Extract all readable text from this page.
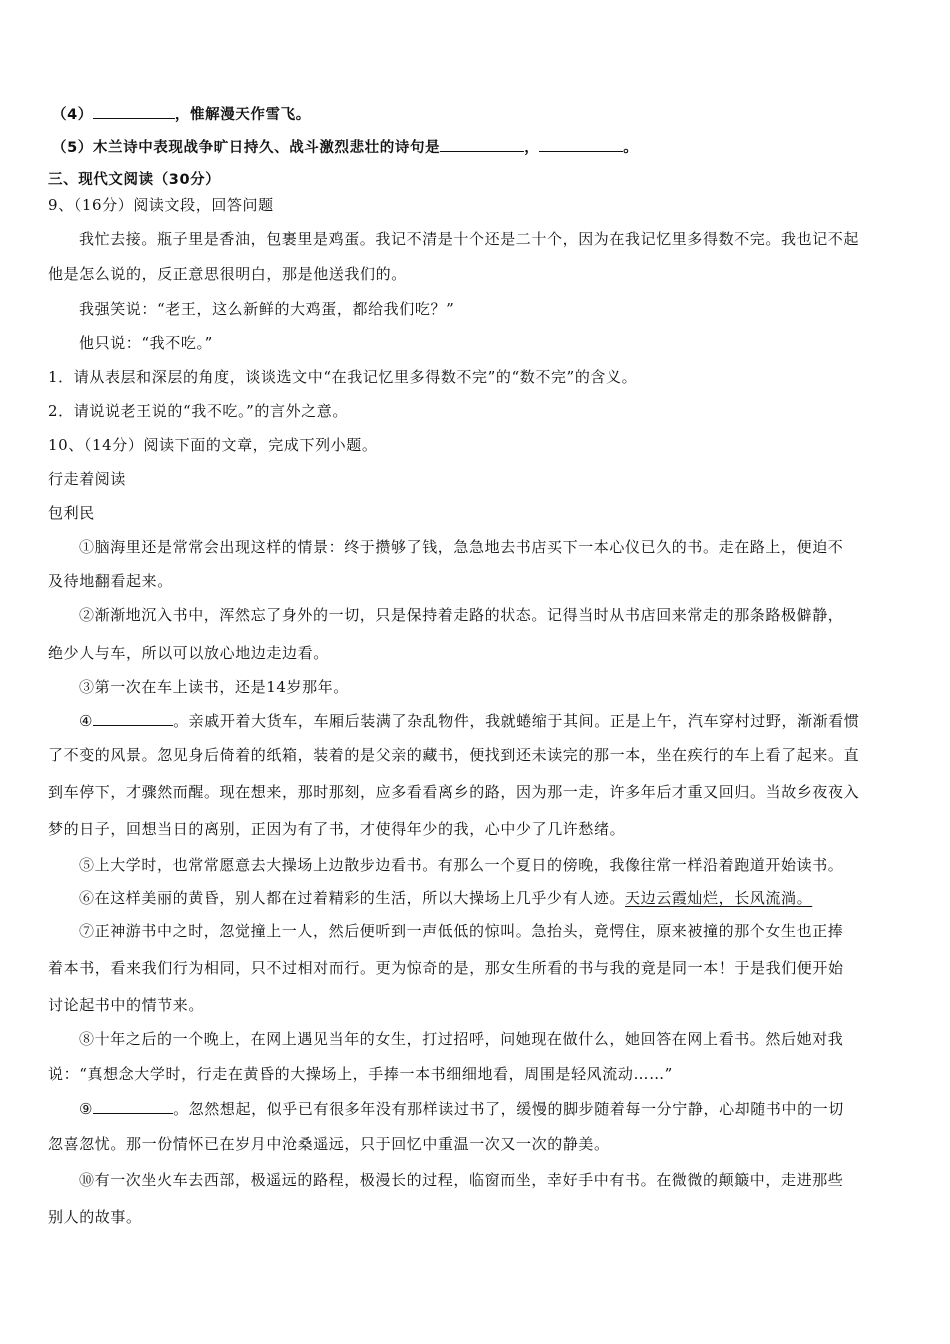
（4）	，惟解漫天作雪飞。
（5）木兰诗中表现战争旷日持久、战斗激烈悲壮的诗句是	，	。
三、现代文阅读（30分）
9、（16分）阅读文段，回答问题
我忙去接。瓶子里是香油，包裹里是鸡蛋。我记不清是十个还是二十个，因为在我记忆里多得数不完。我也记不起
他是怎么说的，反正意思很明白，那是他送我们的。
我强笑说：“老王，这么新鲜的大鸡蛋，都给我们吃？”
他只说：“我不吃。”
1．请从表层和深层的角度，谈谈选文中“在我记忆里多得数不完”的“数不完”的含义。
2．请说说老王说的“我不吃。”的言外之意。
10、（14分）阅读下面的文章，完成下列小题。
行走着阅读
包利民
①脑海里还是常常会出现这样的情景：终于攒够了钱，急急地去书店买下一本心仪已久的书。走在路上，便迫不
及待地翻看起来。
②渐渐地沉入书中，浑然忘了身外的一切，只是保持着走路的状态。记得当时从书店回来常走的那条路极僻静，
绝少人与车，所以可以放心地边走边看。
③第一次在车上读书，还是14岁那年。
④	。亲戚开着大货车，车厢后装满了杂乱物件，我就蜷缩于其间。正是上午，汽车穿村过野，渐渐看惯
了不变的风景。忽见身后倚着的纸箱，装着的是父亲的藏书，便找到还未读完的那一本，坐在疾行的车上看了起来。直
到车停下，才骤然而醒。现在想来，那时那刻，应多看看离乡的路，因为那一走，许多年后才重又回归。当故乡夜夜入
梦的日子，回想当日的离别，正因为有了书，才使得年少的我，心中少了几许愁绪。
⑤上大学时，也常常愿意去大操场上边散步边看书。有那么一个夏日的傍晚，我像往常一样沿着跑道开始读书。
⑥在这样美丽的黄昏，别人都在过着精彩的生活，所以大操场上几乎少有人迹。天边云霞灿烂，长风流淌。
⑦正神游书中之时，忽觉撞上一人，然后便听到一声低低的惊叫。急抬头，竟愕住，原来被撞的那个女生也正捧
着本书，看来我们行为相同，只不过相对而行。更为惊奇的是，那女生所看的书与我的竟是同一本！于是我们便开始
讨论起书中的情节来。
⑧十年之后的一个晚上，在网上遇见当年的女生，打过招呼，问她现在做什么，她回答在网上看书。然后她对我
说：“真想念大学时，行走在黄昏的大操场上，手捧一本书细细地看，周围是轻风流动……”
⑨	。忽然想起，似乎已有很多年没有那样读过书了，缓慢的脚步随着每一分宁静，心却随书中的一切
忽喜忽忧。那一份情怀已在岁月中沧桑遥远，只于回忆中重温一次又一次的静美。
⑩有一次坐火车去西部，极遥远的路程，极漫长的过程，临窗而坐，幸好手中有书。在微微的颠簸中，走进那些
别人的故事。
